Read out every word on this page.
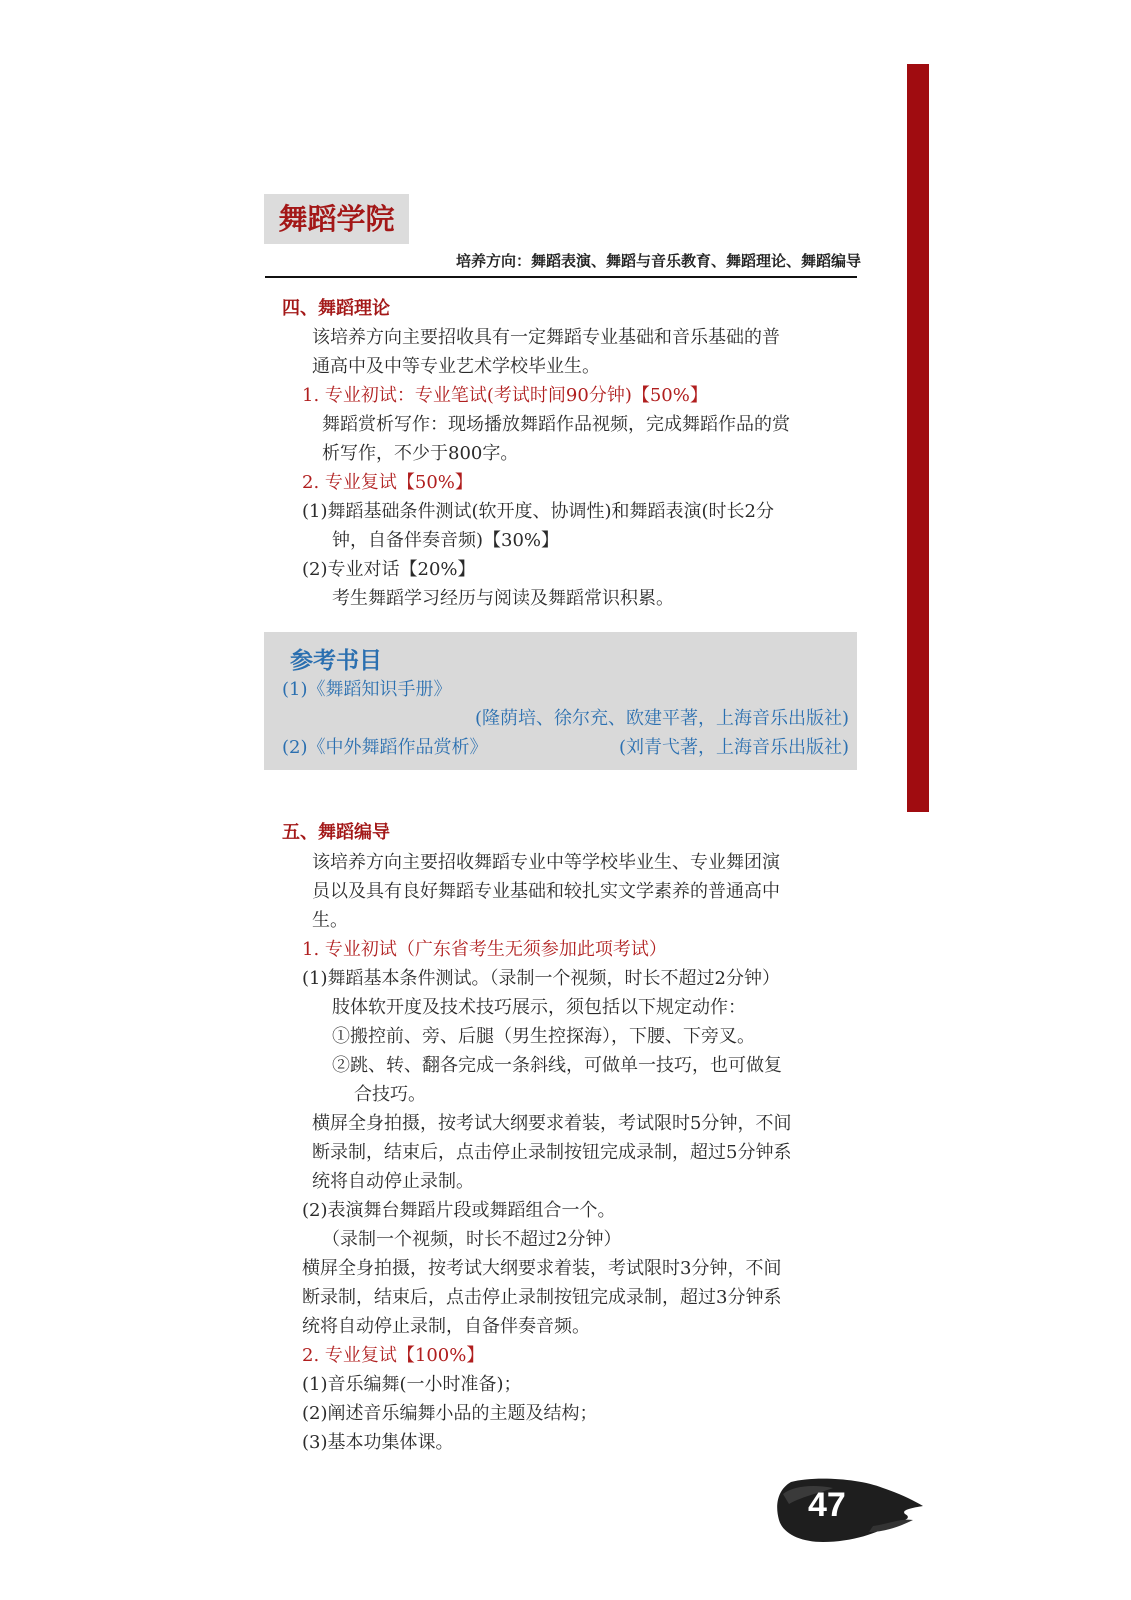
舞蹈学院
培养方向：舞蹈表演、舞蹈与音乐教育、舞蹈理论、舞蹈编导
四、舞蹈理论
该培养方向主要招收具有一定舞蹈专业基础和音乐基础的普
通高中及中等专业艺术学校毕业生。
1. 专业初试：专业笔试(考试时间90分钟)【50%】
舞蹈赏析写作：现场播放舞蹈作品视频，完成舞蹈作品的赏
析写作，不少于800字。
2. 专业复试【50%】
(1)舞蹈基础条件测试(软开度、协调性)和舞蹈表演(时长2分
钟，自备伴奏音频)【30%】
(2)专业对话【20%】
考生舞蹈学习经历与阅读及舞蹈常识积累。
参考书目
(1)《舞蹈知识手册》
(隆荫培、徐尔充、欧建平著，上海音乐出版社)
(2)《中外舞蹈作品赏析》	(刘青弋著，上海音乐出版社)
五、舞蹈编导
该培养方向主要招收舞蹈专业中等学校毕业生、专业舞团演
员以及具有良好舞蹈专业基础和较扎实文学素养的普通高中
生。
1. 专业初试（广东省考生无须参加此项考试）
(1)舞蹈基本条件测试。（录制一个视频，时长不超过2分钟）
肢体软开度及技术技巧展示，须包括以下规定动作：
①搬控前、旁、后腿（男生控探海），下腰、下旁叉。
②跳、转、翻各完成一条斜线，可做单一技巧，也可做复
合技巧。
横屏全身拍摄，按考试大纲要求着装，考试限时5分钟，不间
断录制，结束后，点击停止录制按钮完成录制，超过5分钟系
统将自动停止录制。
(2)表演舞台舞蹈片段或舞蹈组合一个。
（录制一个视频，时长不超过2分钟）
横屏全身拍摄，按考试大纲要求着装，考试限时3分钟，不间
断录制，结束后，点击停止录制按钮完成录制，超过3分钟系
统将自动停止录制，自备伴奏音频。
2. 专业复试【100%】
(1)音乐编舞(一小时准备)；
(2)阐述音乐编舞小品的主题及结构；
(3)基本功集体课。
47
